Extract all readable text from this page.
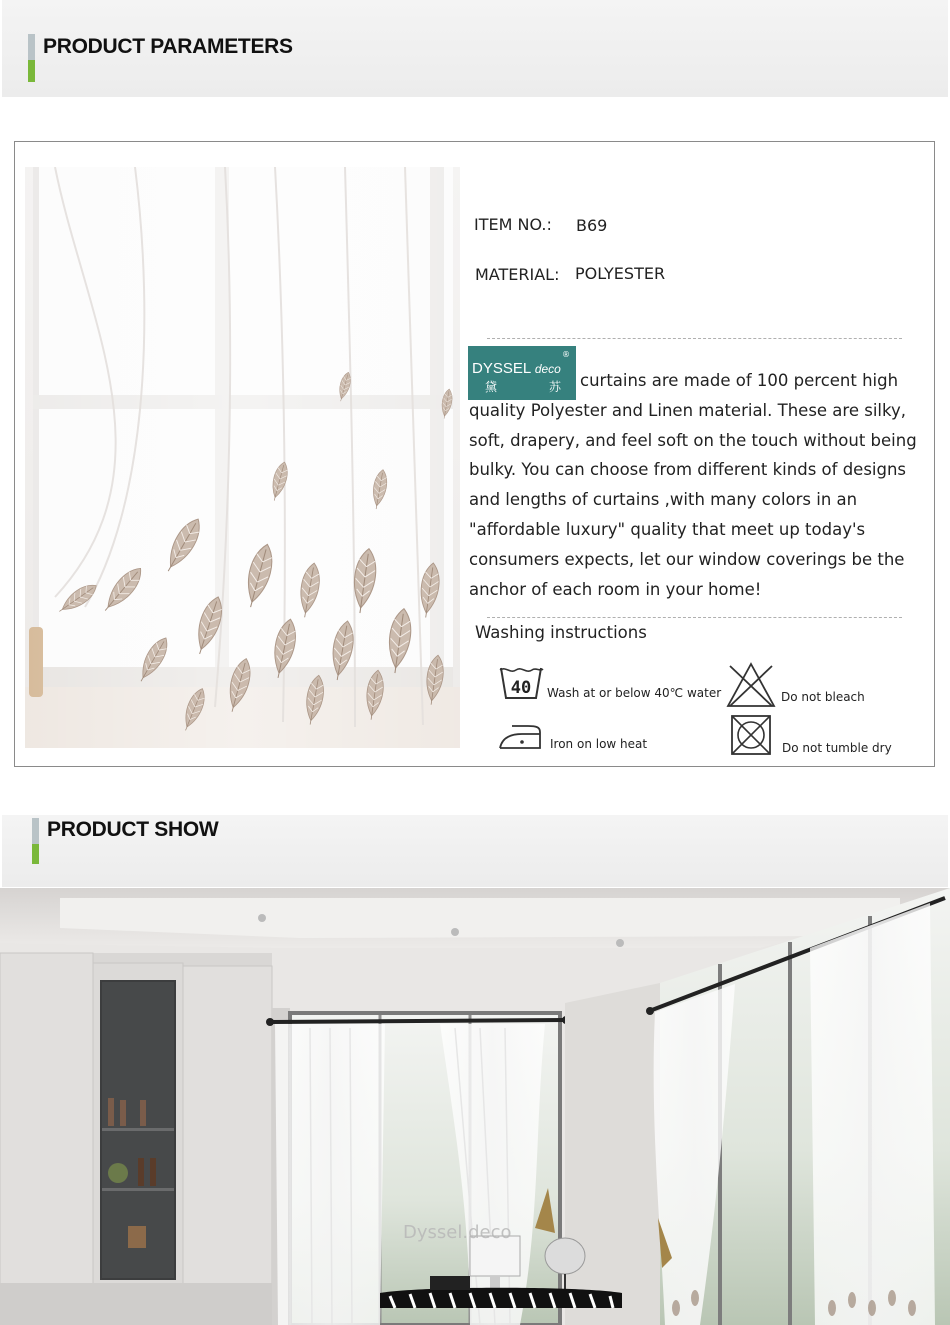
PRODUCT PARAMETERS
ITEM NO.: B69
MATERIAL: POLYESTER
®
DYSSEL deco
黛	苏	curtains are made of 100 percent high quality Polyester and Linen material. These are silky, soft, drapery, and feel soft on the touch without being bulky. You can choose from different kinds of designs and lengths of curtains ,with many colors in an "affordable luxury" quality that meet up today's consumers expects, let our window coverings be the anchor of each room in your home!
Washing instructions
40 Wash at or below 40℃ water	Do not bleach
Iron on low heat	Do not tumble dry
PRODUCT SHOW
Dyssel.deco
